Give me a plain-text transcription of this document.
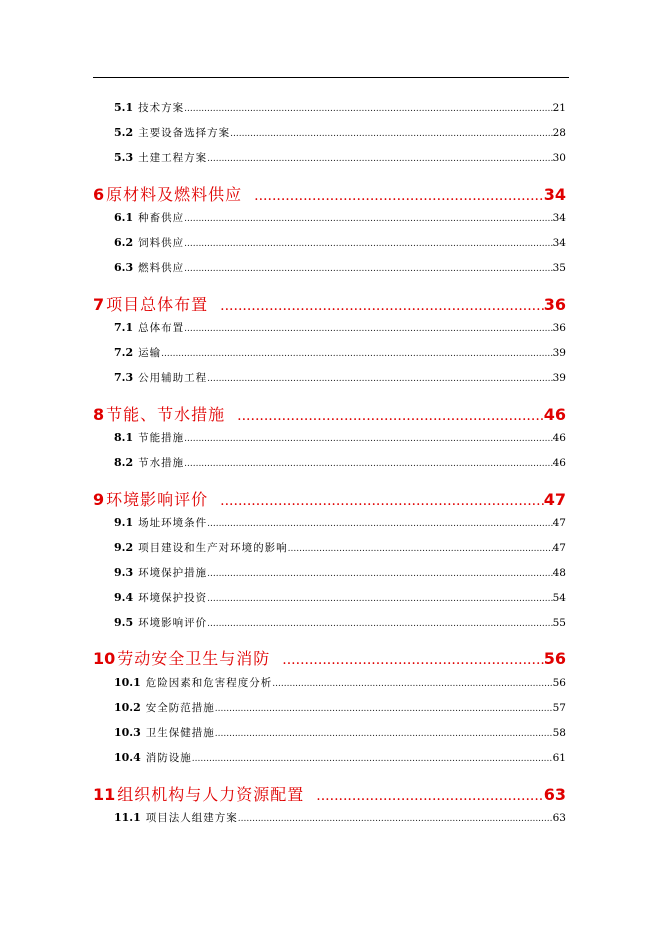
5.1 技术方案 .....	21
5.2 主要设备选择方案 .....	28
5.3 土建工程方案 .....	30
6 原材料及燃料供应 .....	34
6.1 种畜供应 .....	34
6.2 饲料供应 .....	34
6.3 燃料供应 .....	35
7 项目总体布置 .....	36
7.1 总体布置 .....	36
7.2 运输 .....	39
7.3 公用辅助工程 .....	39
8 节能、节水措施 .....	46
8.1 节能措施 .....	46
8.2 节水措施 .....	46
9 环境影响评价 .....	47
9.1 场址环境条件 .....	47
9.2 项目建设和生产对环境的影响 .....	47
9.3 环境保护措施 .....	48
9.4 环境保护投资 .....	54
9.5 环境影响评价 .....	55
10 劳动安全卫生与消防 .....	56
10.1 危险因素和危害程度分析 .....	56
10.2 安全防范措施 .....	57
10.3 卫生保健措施 .....	58
10.4 消防设施 .....	61
11 组织机构与人力资源配置 .....	63
11.1 项目法人组建方案 .....	63
